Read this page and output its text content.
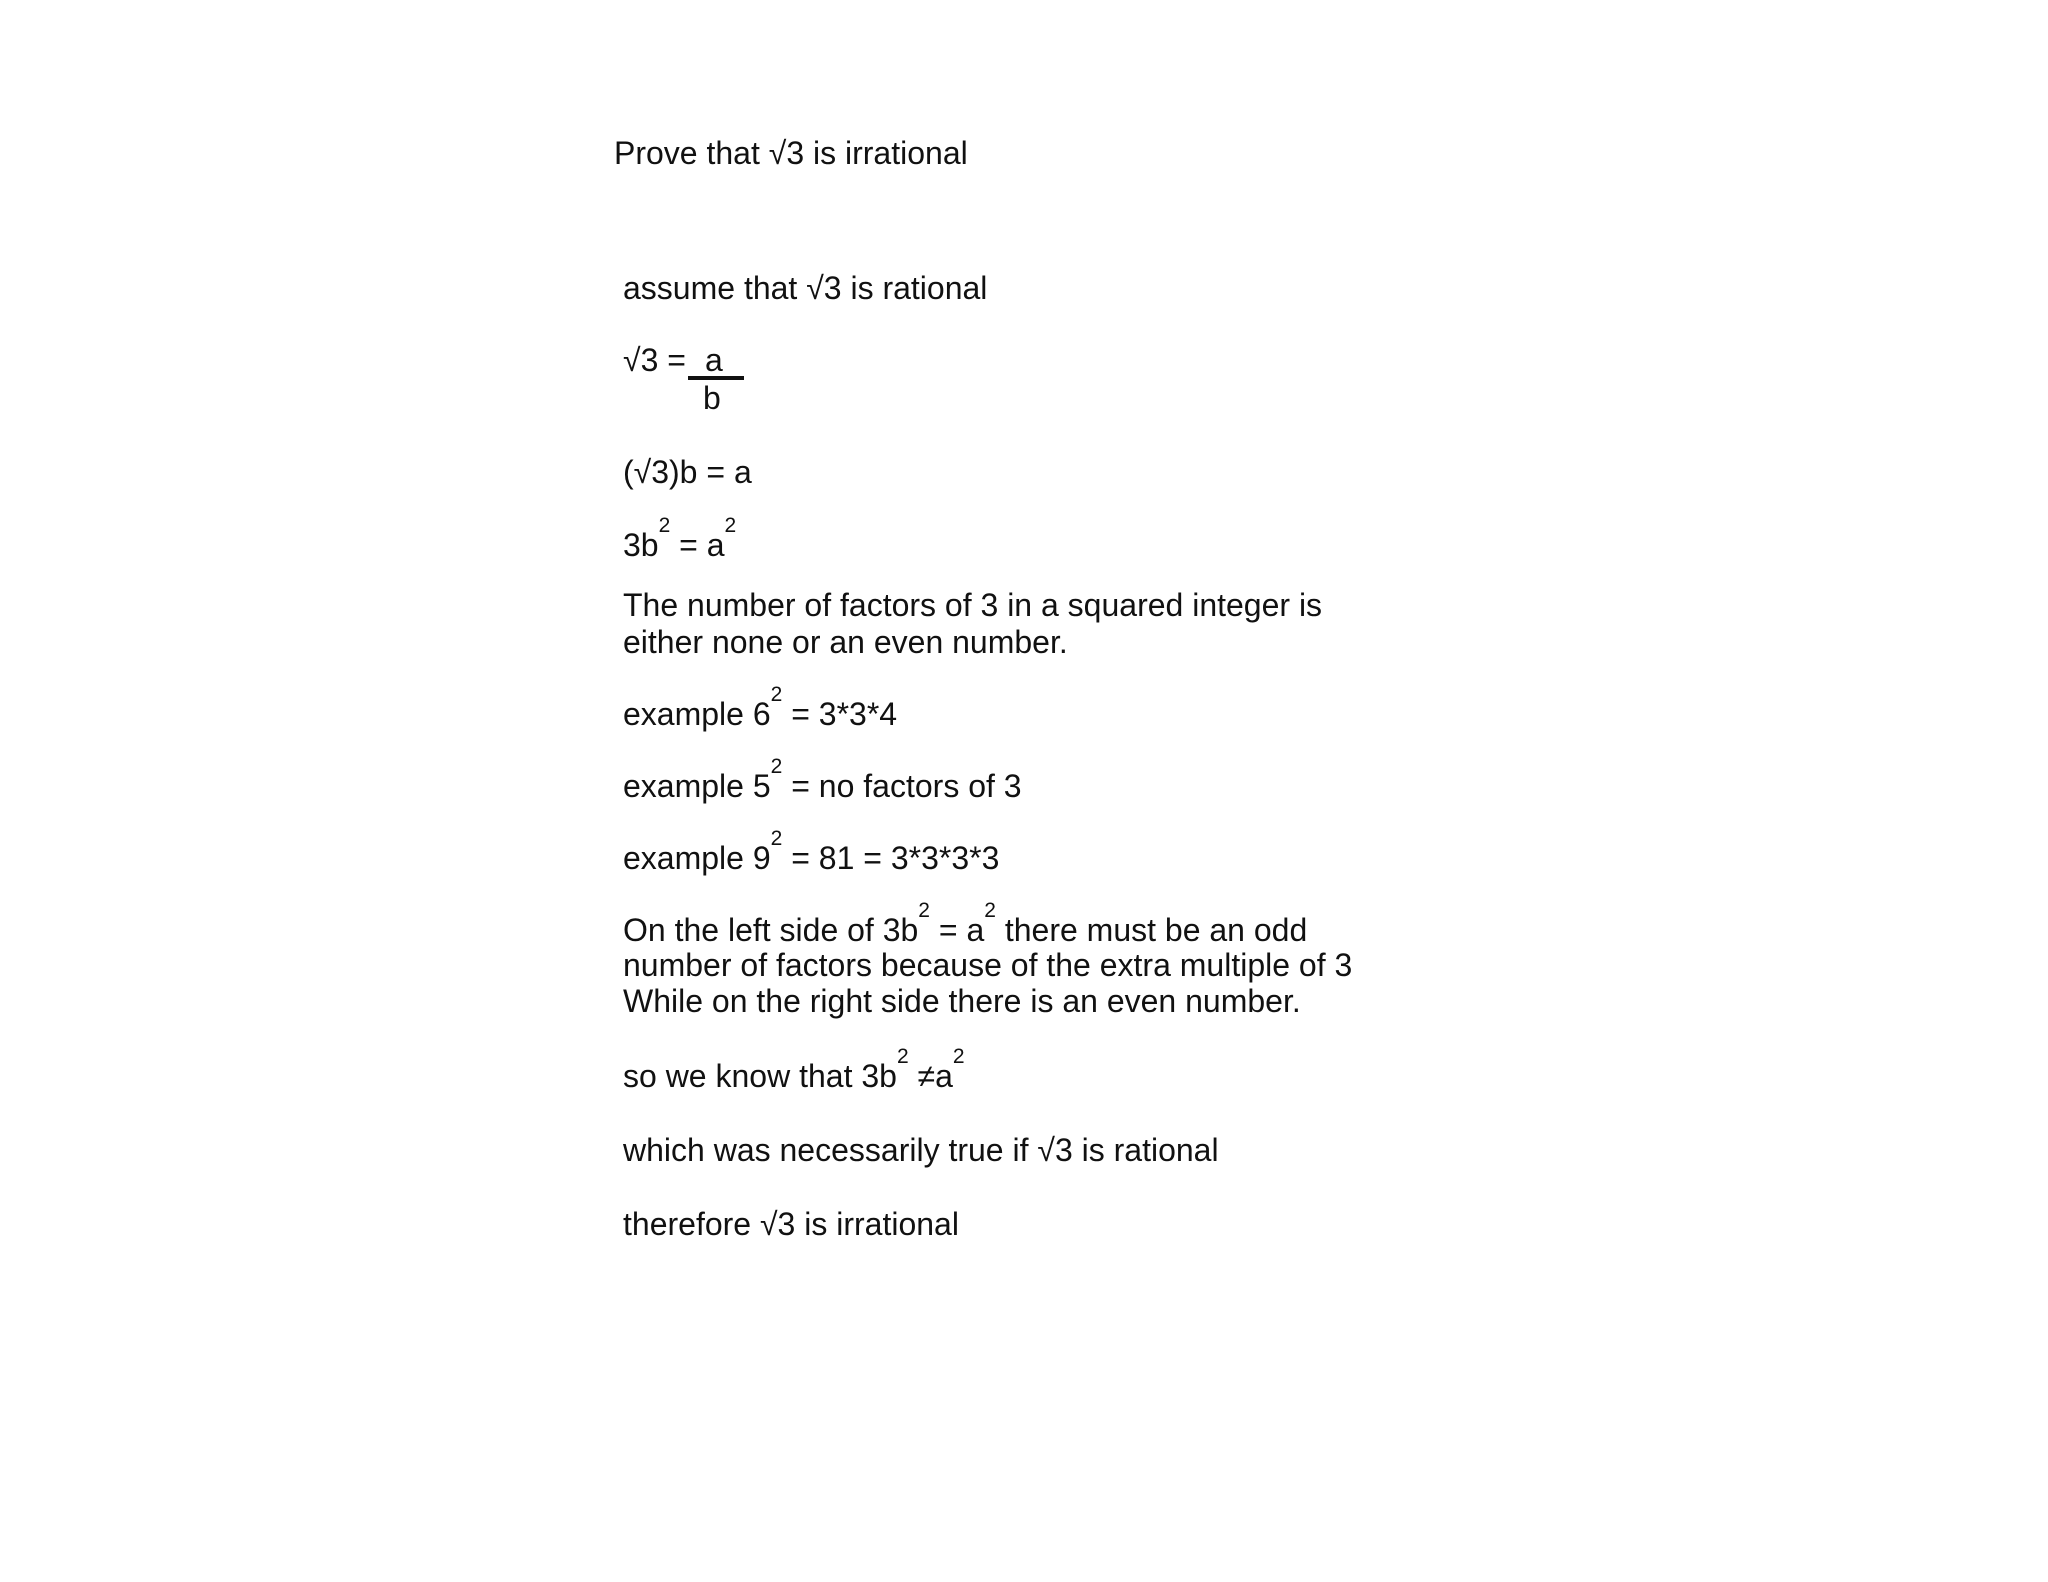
Prove that √3 is irrational
assume that √3 is rational
√3 = a
b
(√3)b = a
$3b^2 = a^2$
The number of factors of 3 in a squared integer is
either none or an even number.
example $6^2 = 3*3*4$
example $5^2$ = no factors of 3
example $9^2 = 81 = 3*3*3*3$
On the left side of $3b^2 = a^2$ there must be an odd
number of factors because of the extra multiple of 3
While on the right side there is an even number.
so we know that $3b^2 \ne a^2$
which was necessarily true if √3 is rational
therefore √3 is irrational
